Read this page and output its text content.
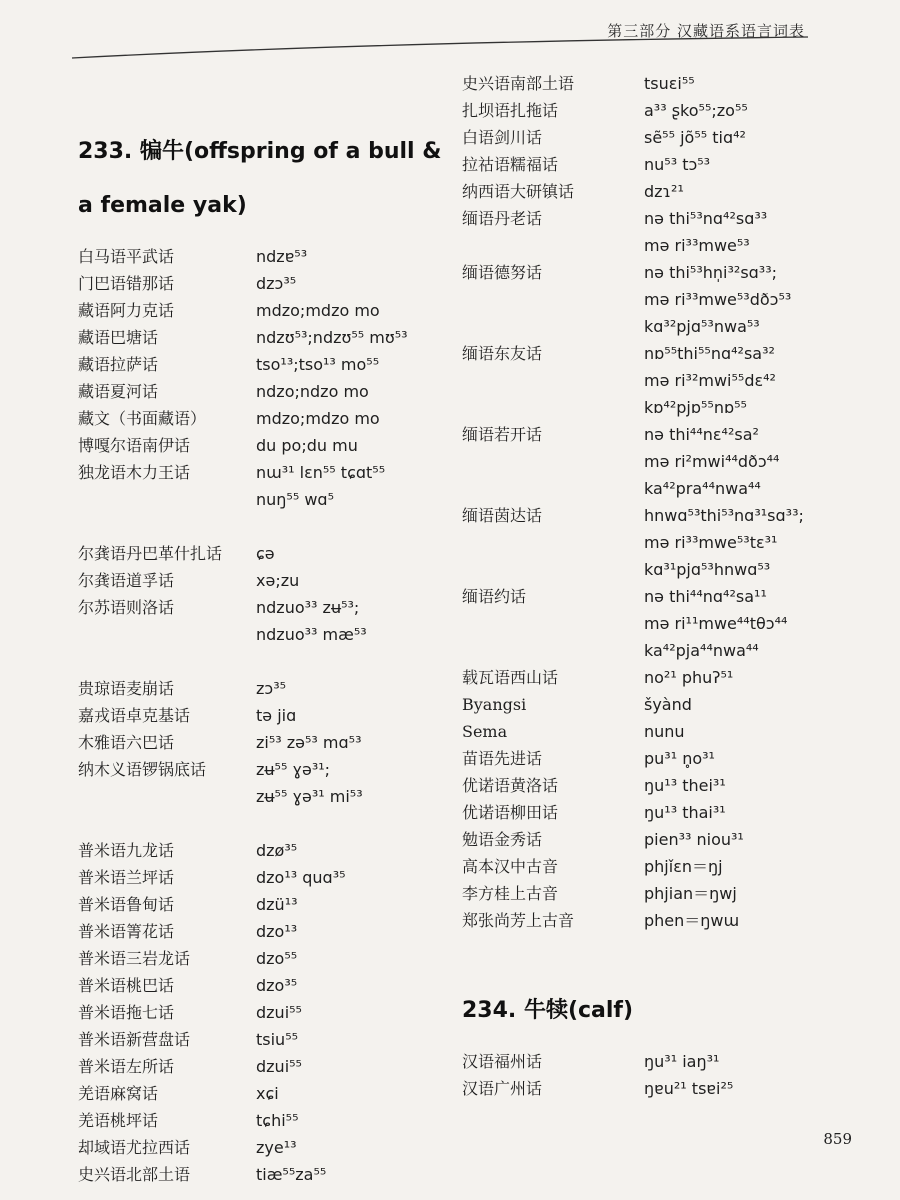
第三部分 汉藏语系语言词表
233. 犏牛(offspring of a bull & a female yak)
白马语平武话	ndzɐ⁵³
门巴语错那话	dzɔ³⁵
藏语阿力克话	mdzo;mdzo mo
藏语巴塘话	ndzʊ⁵³;ndzʊ⁵⁵ mʊ⁵³
藏语拉萨话	tso¹³;tso¹³ mo⁵⁵
藏语夏河话	ndzo;ndzo mo
藏文（书面藏语）	mdzo;mdzo mo
博嘎尔语南伊话	du po;du mu
独龙语木力王话	nɯ³¹ lɛn⁵⁵ tɕɑt⁵⁵
nuŋ⁵⁵ wɑ⁵
尔龚语丹巴革什扎话 ɕə
尔龚语道孚话	xə;zu
尔苏语则洛话	ndzuo³³ zʉ⁵³;
ndzuo³³ mæ⁵³
贵琼语麦崩话	zɔ³⁵
嘉戎语卓克基话	tə jiɑ
木雅语六巴话	zi⁵³ zə⁵³ mɑ⁵³
纳木义语锣锅底话	zʉ⁵⁵ ɣə³¹;
zʉ⁵⁵ ɣə³¹ mi⁵³
普米语九龙话	dzø³⁵
普米语兰坪话	dzo¹³ quɑ³⁵
普米语鲁甸话	dzü¹³
普米语箐花话	dzo¹³
普米语三岩龙话	dzo⁵⁵
普米语桃巴话	dzo³⁵
普米语拖七话	dzui⁵⁵
普米语新营盘话	tsiu⁵⁵
普米语左所话	dzui⁵⁵
羌语麻窝话	xɕi
羌语桃坪话	tɕhi⁵⁵
却域语尤拉西话	zye¹³
史兴语北部土语	tiæ⁵⁵za⁵⁵
史兴语南部土语	tsuɛi⁵⁵
扎坝语扎拖话	a³³ ʂko⁵⁵;zo⁵⁵
白语剑川话	sẽ⁵⁵ jõ⁵⁵ tiɑ⁴²
拉祜语糯福话	nu⁵³ tɔ⁵³
纳西语大研镇话	dzɿ²¹
缅语丹老话	nə thi⁵³nɑ⁴²sɑ³³
mə ri³³mwe⁵³
缅语德努话	nə thi⁵³hn̩i³²sɑ³³;
mə ri³³mwe⁵³dðɔ⁵³
kɑ³²pjɑ⁵³nwa⁵³
缅语东友话	nɒ⁵⁵thi⁵⁵nɑ⁴²sa³²
mə ri³²mwi⁵⁵dɛ⁴²
kɒ⁴²pjɒ⁵⁵nɒ⁵⁵
缅语若开话	nə thi⁴⁴nɛ⁴²sa²
mə ri²mwi⁴⁴dðɔ⁴⁴
ka⁴²pra⁴⁴nwa⁴⁴
缅语茵达话	hnwɑ⁵³thi⁵³nɑ³¹sɑ³³;
mə ri³³mwe⁵³tɛ³¹
kɑ³¹pjɑ⁵³hnwɑ⁵³
缅语约话	nə thi⁴⁴nɑ⁴²sa¹¹
mə ri¹¹mwe⁴⁴tθɔ⁴⁴
ka⁴²pja⁴⁴nwa⁴⁴
载瓦语西山话	no²¹ phuʔ⁵¹
Byangsi	šyànd
Sema	nunu
苗语先进话	pu³¹ n̥o³¹
优诺语黄洛话	ŋu¹³ thei³¹
优诺语柳田话	ŋu¹³ thai³¹
勉语金秀话	pien³³ niou³¹
高本汉中古音	phjǐɛn＝ŋj
李方桂上古音	phjian＝ŋwj
郑张尚芳上古音	phen＝ŋwɯ
234. 牛犊(calf)
汉语福州话	ŋu³¹ iaŋ³¹
汉语广州话	ŋɐu²¹ tsɐi²⁵
859
